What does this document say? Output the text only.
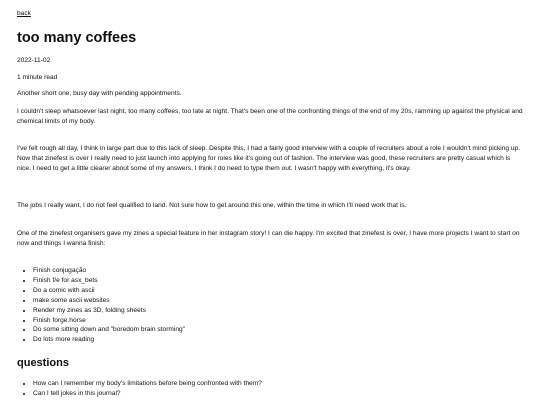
back
too many coffees
2022-11-02
1 minute read

Another short one, busy day with pending appointments.

I couldn't sleep whatsoever last night, too many coffees, too late at night. That's been one of the confronting things of the end of my 20s, ramming up against the physical and chemical limits of my body.

I've felt rough all day, I think in large part due to this lack of sleep. Despite this, I had a fairly good interview with a couple of recruiters about a role I wouldn't mind picking up. Now that zinefest is over I really need to just launch into applying for roles like it's going out of fashion. The interview was good, these recruiters are pretty casual which is nice. I need to get a little clearer about some of my answers, I think I do need to type them out. I wasn't happy with everything, it's okay.

The jobs I really want, I do not feel qualified to land. Not sure how to get around this one, within the time in which I'll need work that is.

One of the zinefest organisers gave my zines a special feature in her instagram story! I can die happy. I'm excited that zinefest is over, I have more projects I want to start on now and things I wanna finish:

• Finish conjugação
• Finish f/e for asx_bets
• Do a comic with ascii
• make some ascii websites
• Render my zines as 3D, folding sheets
• Finish forge.horse
• Do some sitting down and "boredom brain storming"
• Do lots more reading
questions
• How can I remember my body's limitations before being confronted with them?
• Can I tell jokes in this journal?
